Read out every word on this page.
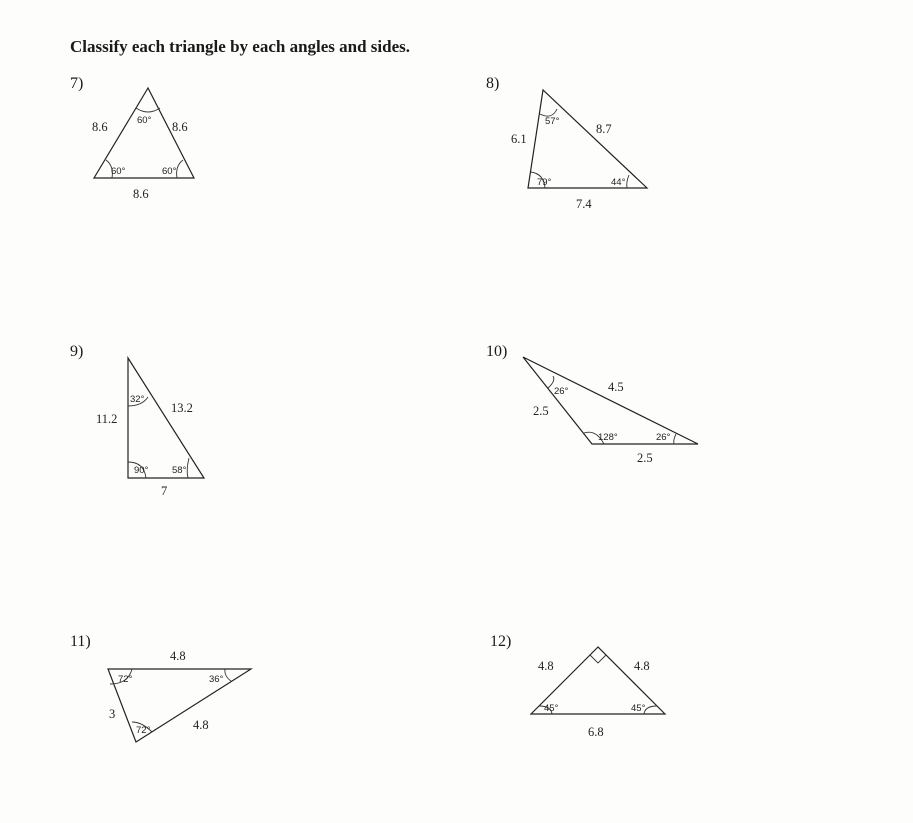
Classify each triangle by each angles and sides.
7)	8)
9)	10)
11)	12)
8.6	8.6
8.6
60°
60°	60°
6.1
8.7
7.4
57°
79°	44°
11.2
13.2
7
32°
90° 58°
2.5
4.5
2.5
26°
128°	26°
4.8
3
4.8
72°	36°
72°
4.8	4.8
6.8
45°	45°
